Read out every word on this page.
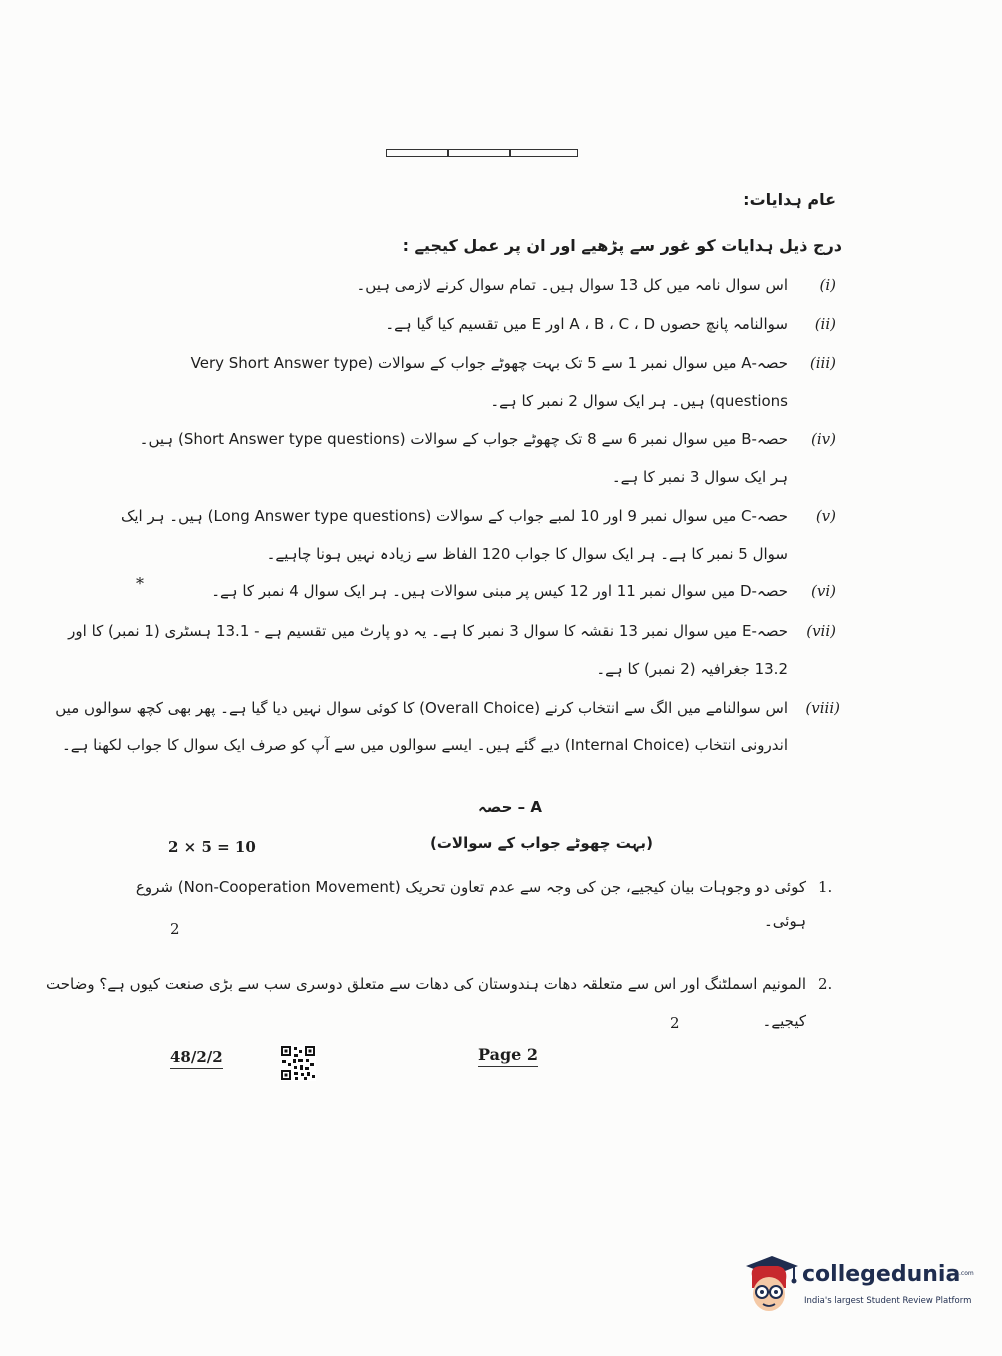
عام ہدایات:
درج ذیل ہدایات کو غور سے پڑھیے اور ان پر عمل کیجیے :
(i)
اس سوال نامہ میں کل 13 سوال ہیں۔ تمام سوال کرنے لازمی ہیں۔
(ii)
سوالنامہ پانچ حصوں A ، B ، C ، D اور E میں تقسیم کیا گیا ہے۔
(iii)
حصہ-A میں سوال نمبر 1 سے 5 تک بہت چھوٹے جواب کے سوالات (Very Short Answer type
questions) ہیں۔ ہر ایک سوال 2 نمبر کا ہے۔
(iv)
حصہ-B میں سوال نمبر 6 سے 8 تک چھوٹے جواب کے سوالات (Short Answer type questions) ہیں۔
ہر ایک سوال 3 نمبر کا ہے۔
(v)
حصہ-C میں سوال نمبر 9 اور 10 لمبے جواب کے سوالات (Long Answer type questions) ہیں۔ ہر ایک
سوال 5 نمبر کا ہے۔ ہر ایک سوال کا جواب 120 الفاظ سے زیادہ نہیں ہونا چاہیے۔
(vi)
حصہ-D میں سوال نمبر 11 اور 12 کیس پر مبنی سوالات ہیں۔ ہر ایک سوال 4 نمبر کا ہے۔
(vii)
حصہ-E میں سوال نمبر 13 نقشہ کا سوال 3 نمبر کا ہے۔ یہ دو پارٹ میں تقسیم ہے - 13.1 ہسٹری (1 نمبر) کا اور
13.2 جغرافیہ (2 نمبر) کا ہے۔
(viii)
اس سوالنامے میں الگ سے انتخاب کرنے (Overall Choice) کا کوئی سوال نہیں دیا گیا ہے۔ پھر بھی کچھ سوالوں میں
اندرونی انتخاب (Internal Choice) دیے گئے ہیں۔ ایسے سوالوں میں سے آپ کو صرف ایک سوال کا جواب لکھنا ہے۔
*
حصہ – A
(بہت چھوٹے جواب کے سوالات)
2 × 5 = 10
1.
کوئی دو وجوہات بیان کیجیے، جن کی وجہ سے عدم تعاون تحریک (Non-Cooperation Movement) شروع
ہوئی۔
2
2.
المونیم اسملٹنگ اور اس سے متعلقہ دھات ہندوستان کی دھات سے متعلق دوسری سب سے بڑی صنعت کیوں ہے؟ وضاحت
کیجیے۔
2
48/2/2	Page 2
collegedunia
.com
India's largest Student Review Platform
